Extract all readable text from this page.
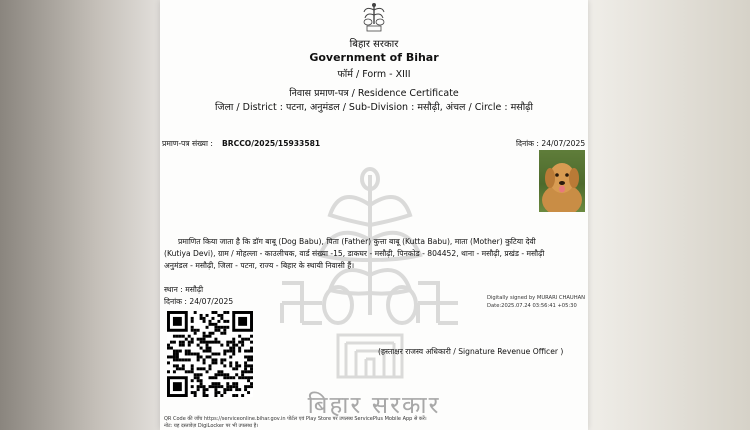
बिहार सरकार
Government of Bihar
फॉर्म / Form - XIII
निवास प्रमाण-पत्र / Residence Certificate
जिला / District : पटना, अनुमंडल / Sub-Division : मसौढ़ी, अंचल / Circle : मसौढ़ी
बिहार सरकार
प्रमाण-पत्र संख्या : BRCCO/2025/15933581	दिनांक : 24/07/2025
प्रमाणित किया जाता है कि डॉग बाबू (Dog Babu), पिता (Father) कुत्ता बाबू (Kutta Babu), माता (Mother) कुटिया देवी
(Kutiya Devi), ग्राम / मोहल्ला - काउलीचक, वार्ड संख्या -15, डाकघर - मसौढ़ी, पिनकोड - 804452, थाना - मसौढ़ी, प्रखंड - मसौढ़ी
अनुमंडल - मसौढ़ी, जिला - पटना, राज्य - बिहार के स्थायी निवासी हैं।
स्थान : मसौढ़ी
दिनांक : 24/07/2025	Digitally signed by MURARI CHAUHAN
Date:2025.07.24 03:56:41 +05:30
(हस्ताक्षर राजस्व अधिकारी / Signature Revenue Officer )
QR Code की जाँच https://serviceonline.bihar.gov.in पोर्टल एवं Play Store पर उपलब्ध ServicePlus Mobile App से करें।
नोट: यह दस्तावेज़ DigiLocker पर भी उपलब्ध है।
